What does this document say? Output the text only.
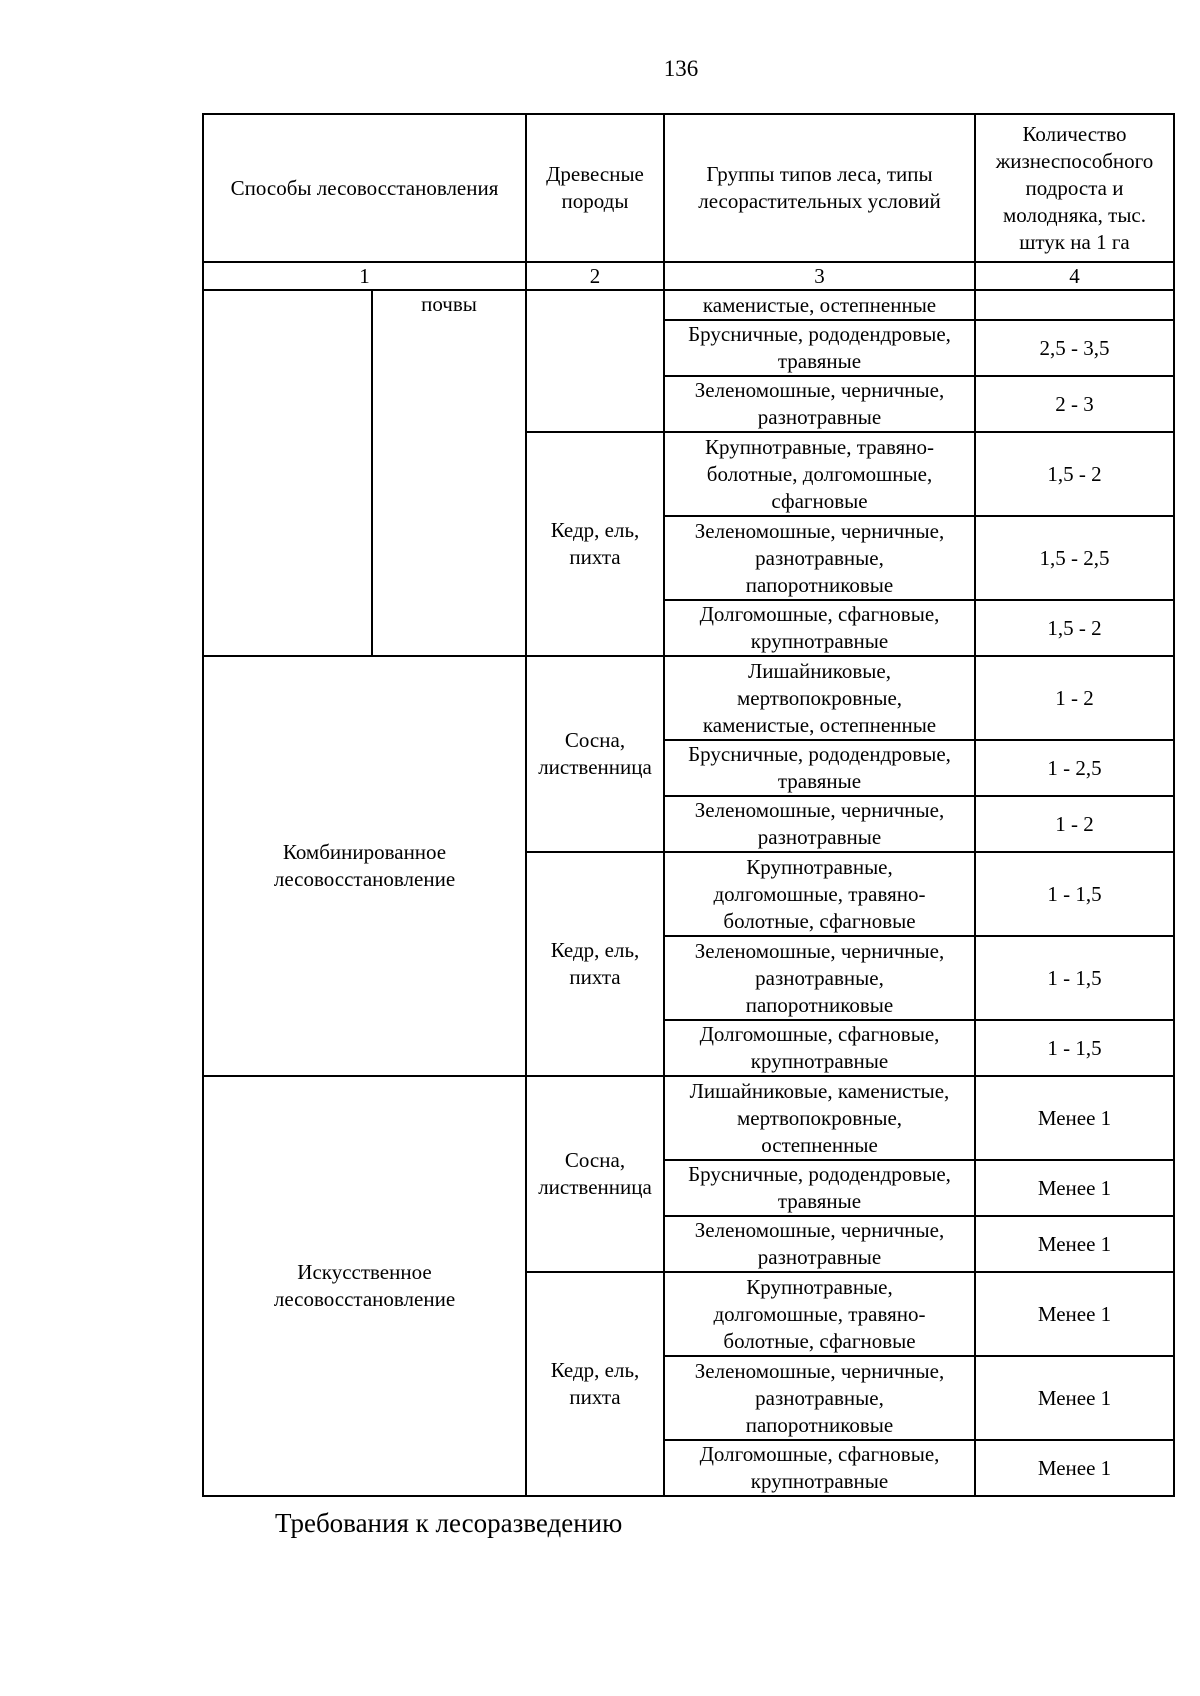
136
Способы лесовосстановления		Древесные породы	Группы типов леса, типы
лесорастительных условий	Количество
жизнеспособного
подроста и
молодняка, тыс.
штук на 1 га
1		2	3	4
	почвы		каменистые, остепненные	
			Брусничные, рододендровые,
травяные	2,5 - 3,5
			Зеленомошные, черничные,
разнотравные	2 - 3
		Кедр, ель,
пихта	Крупнотравные, травяно-
болотные, долгомошные,
сфагновые	1,5 - 2
			Зеленомошные, черничные,
разнотравные,
папоротниковые	1,5 - 2,5
			Долгомошные, сфагновые,
крупнотравные	1,5 - 2
Комбинированное
лесовосстановление		Сосна,
лиственница	Лишайниковые,
мертвопокровные,
каменистые, остепненные	1 - 2
			Брусничные, рододендровые,
травяные	1 - 2,5
			Зеленомошные, черничные,
разнотравные	1 - 2
		Кедр, ель,
пихта	Крупнотравные,
долгомошные, травяно-
болотные, сфагновые	1 - 1,5
			Зеленомошные, черничные,
разнотравные,
папоротниковые	1 - 1,5
			Долгомошные, сфагновые,
крупнотравные	1 - 1,5
Искусственное
лесовосстановление		Сосна,
лиственница	Лишайниковые, каменистые,
мертвопокровные,
остепненные	Менее 1
			Брусничные, рододендровые,
травяные	Менее 1
			Зеленомошные, черничные,
разнотравные	Менее 1
		Кедр, ель,
пихта	Крупнотравные,
долгомошные, травяно-
болотные, сфагновые	Менее 1
			Зеленомошные, черничные,
разнотравные,
папоротниковые	Менее 1
			Долгомошные, сфагновые,
крупнотравные	Менее 1
Требования к лесоразведению
